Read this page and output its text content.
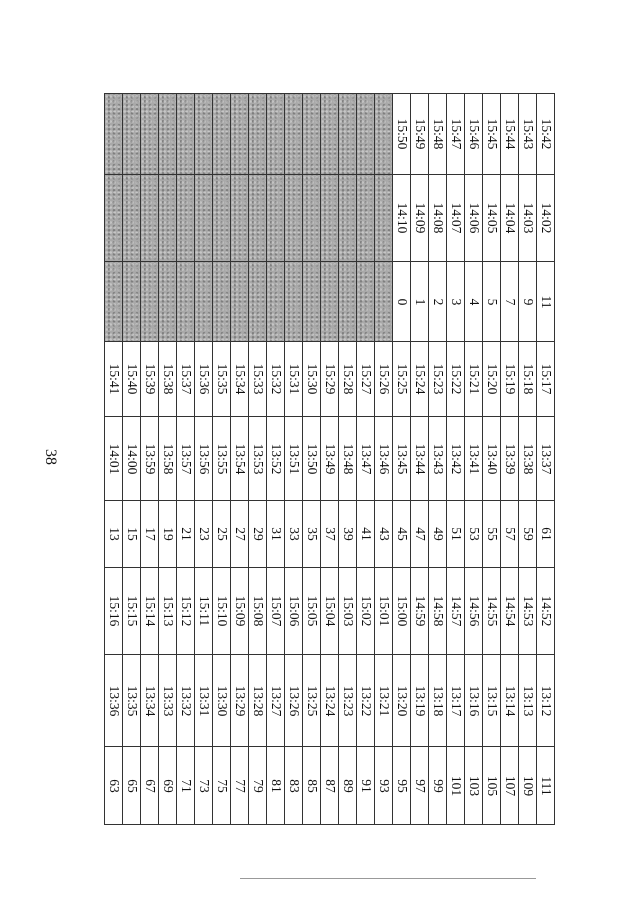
38

																15:50	15:49	15:48	15:47	15:46	15:45	15:44	15:43	15:42

																14:10	14:09	14:08	14:07	14:06	14:05	14:04	14:03	14:02

																0	1	2	3	4	5	7	9	11

15:41	15:40	15:39	15:38	15:37	15:36	15:35	15:34	15:33	15:32	15:31	15:30	15:29	15:28	15:27	15:26	15:25	15:24	15:23	15:22	15:21	15:20	15:19	15:18	15:17

14:01	14:00	13:59	13:58	13:57	13:56	13:55	13:54	13:53	13:52	13:51	13:50	13:49	13:48	13:47	13:46	13:45	13:44	13:43	13:42	13:41	13:40	13:39	13:38	13:37

13	15	17	19	21	23	25	27	29	31	33	35	37	39	41	43	45	47	49	51	53	55	57	59	61

15:16	15:15	15:14	15:13	15:12	15:11	15:10	15:09	15:08	15:07	15:06	15:05	15:04	15:03	15:02	15:01	15:00	14:59	14:58	14:57	14:56	14:55	14:54	14:53	14:52

13:36	13:35	13:34	13:33	13:32	13:31	13:30	13:29	13:28	13:27	13:26	13:25	13:24	13:23	13:22	13:21	13:20	13:19	13:18	13:17	13:16	13:15	13:14	13:13	13:12

63	65	67	69	71	73	75	77	79	81	83	85	87	89	91	93	95	97	99	101	103	105	107	109	111
